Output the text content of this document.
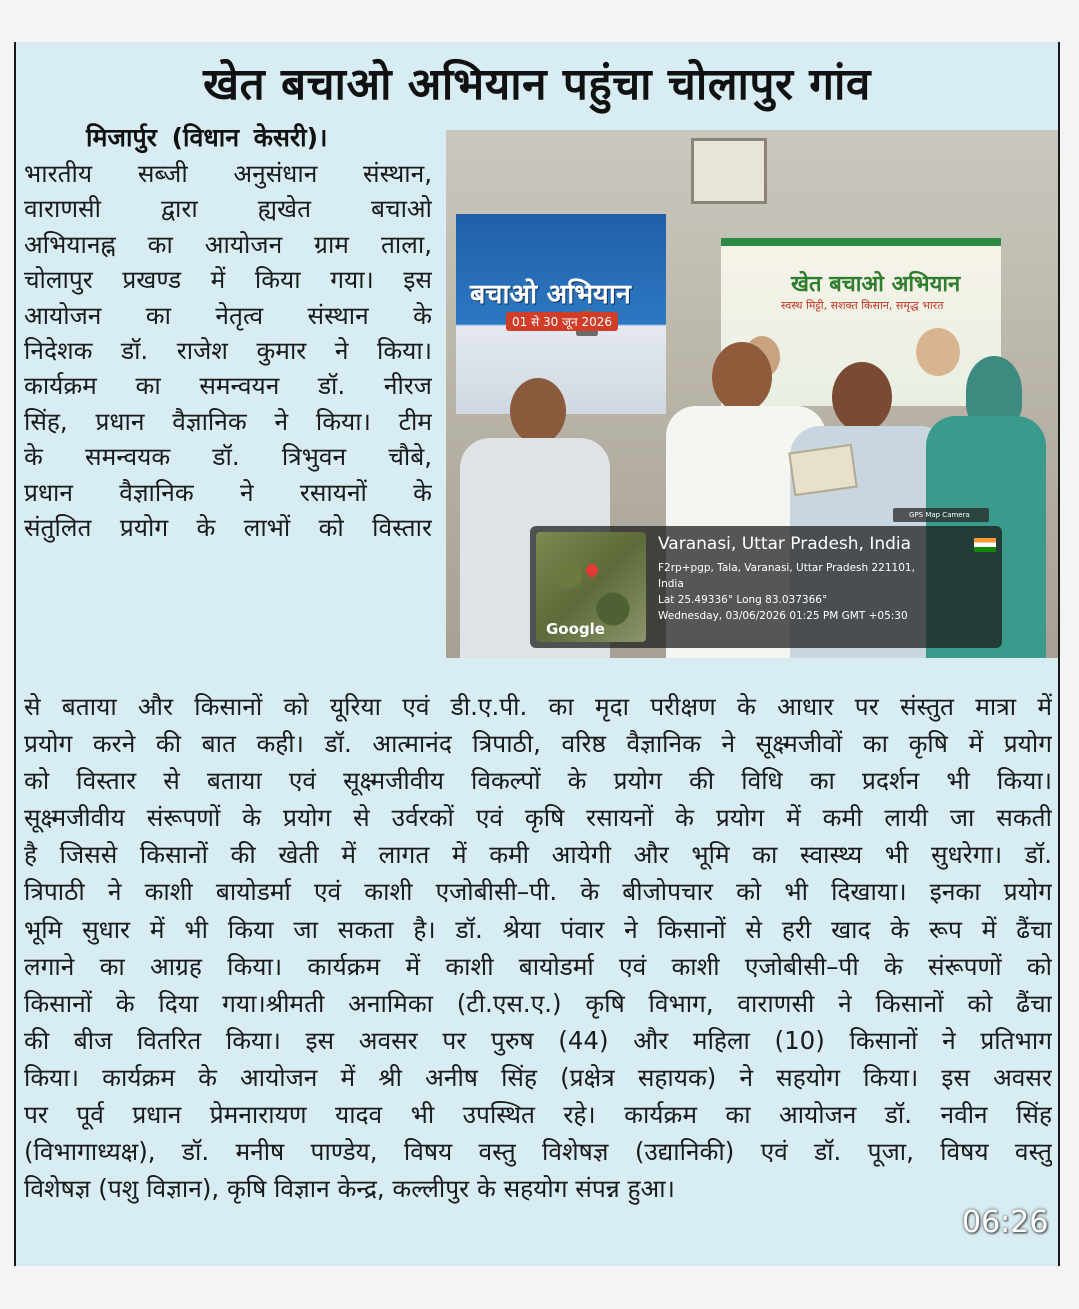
खेत बचाओ अभियान पहुंचा चोलापुर गांव
मिजार्पुर (विधान केसरी)।
भारतीय सब्जी अनुसंधान संस्थान,
वाराणसी द्वारा ह्यखेत बचाओ
अभियानह्न का आयोजन ग्राम ताला,
चोलापुर प्रखण्ड में किया गया। इस
आयोजन का नेतृत्व संस्थान के
निदेशक डॉ. राजेश कुमार ने किया।
कार्यक्रम का समन्वयन डॉ. नीरज
सिंह, प्रधान वैज्ञानिक ने किया। टीम
के समन्वयक डॉ. त्रिभुवन चौबे,
प्रधान वैज्ञानिक ने रसायनों के
संतुलित प्रयोग के लाभों को विस्तार
बचाओ अभियान
01 से 30 जून 2026
खेत बचाओ अभियान
स्वस्थ मिट्टी, सशक्त किसान, समृद्ध भारत
GPS Map Camera
Google
Varanasi, Uttar Pradesh, India
F2rp+pgp, Tala, Varanasi, Uttar Pradesh 221101,
India
Lat 25.49336° Long 83.037366°
Wednesday, 03/06/2026 01:25 PM GMT +05:30
से बताया और किसानों को यूरिया एवं डी.ए.पी. का मृदा परीक्षण के आधार पर संस्तुत मात्रा में
प्रयोग करने की बात कही। डॉ. आत्मानंद त्रिपाठी, वरिष्ठ वैज्ञानिक ने सूक्ष्मजीवों का कृषि में प्रयोग
को विस्तार से बताया एवं सूक्ष्मजीवीय विकल्पों के प्रयोग की विधि का प्रदर्शन भी किया।
सूक्ष्मजीवीय संरूपणों के प्रयोग से उर्वरकों एवं कृषि रसायनों के प्रयोग में कमी लायी जा सकती
है जिससे किसानों की खेती में लागत में कमी आयेगी और भूमि का स्वास्थ्य भी सुधरेगा। डॉ.
त्रिपाठी ने काशी बायोडर्मा एवं काशी एजोबीसी–पी. के बीजोपचार को भी दिखाया। इनका प्रयोग
भूमि सुधार में भी किया जा सकता है। डॉ. श्रेया पंवार ने किसानों से हरी खाद के रूप में ढैंचा
लगाने का आग्रह किया। कार्यक्रम में काशी बायोडर्मा एवं काशी एजोबीसी–पी के संरूपणों को
किसानों के दिया गया।श्रीमती अनामिका (टी.एस.ए.) कृषि विभाग, वाराणसी ने किसानों को ढैंचा
की बीज वितरित किया। इस अवसर पर पुरुष (44) और महिला (10) किसानों ने प्रतिभाग
किया। कार्यक्रम के आयोजन में श्री अनीष सिंह (प्रक्षेत्र सहायक) ने सहयोग किया। इस अवसर
पर पूर्व प्रधान प्रेमनारायण यादव भी उपस्थित रहे। कार्यक्रम का आयोजन डॉ. नवीन सिंह
(विभागाध्यक्ष), डॉ. मनीष पाण्डेय, विषय वस्तु विशेषज्ञ (उद्यानिकी) एवं डॉ. पूजा, विषय वस्तु
विशेषज्ञ (पशु विज्ञान), कृषि विज्ञान केन्द्र, कल्लीपुर के सहयोग संपन्न हुआ।
06:26
